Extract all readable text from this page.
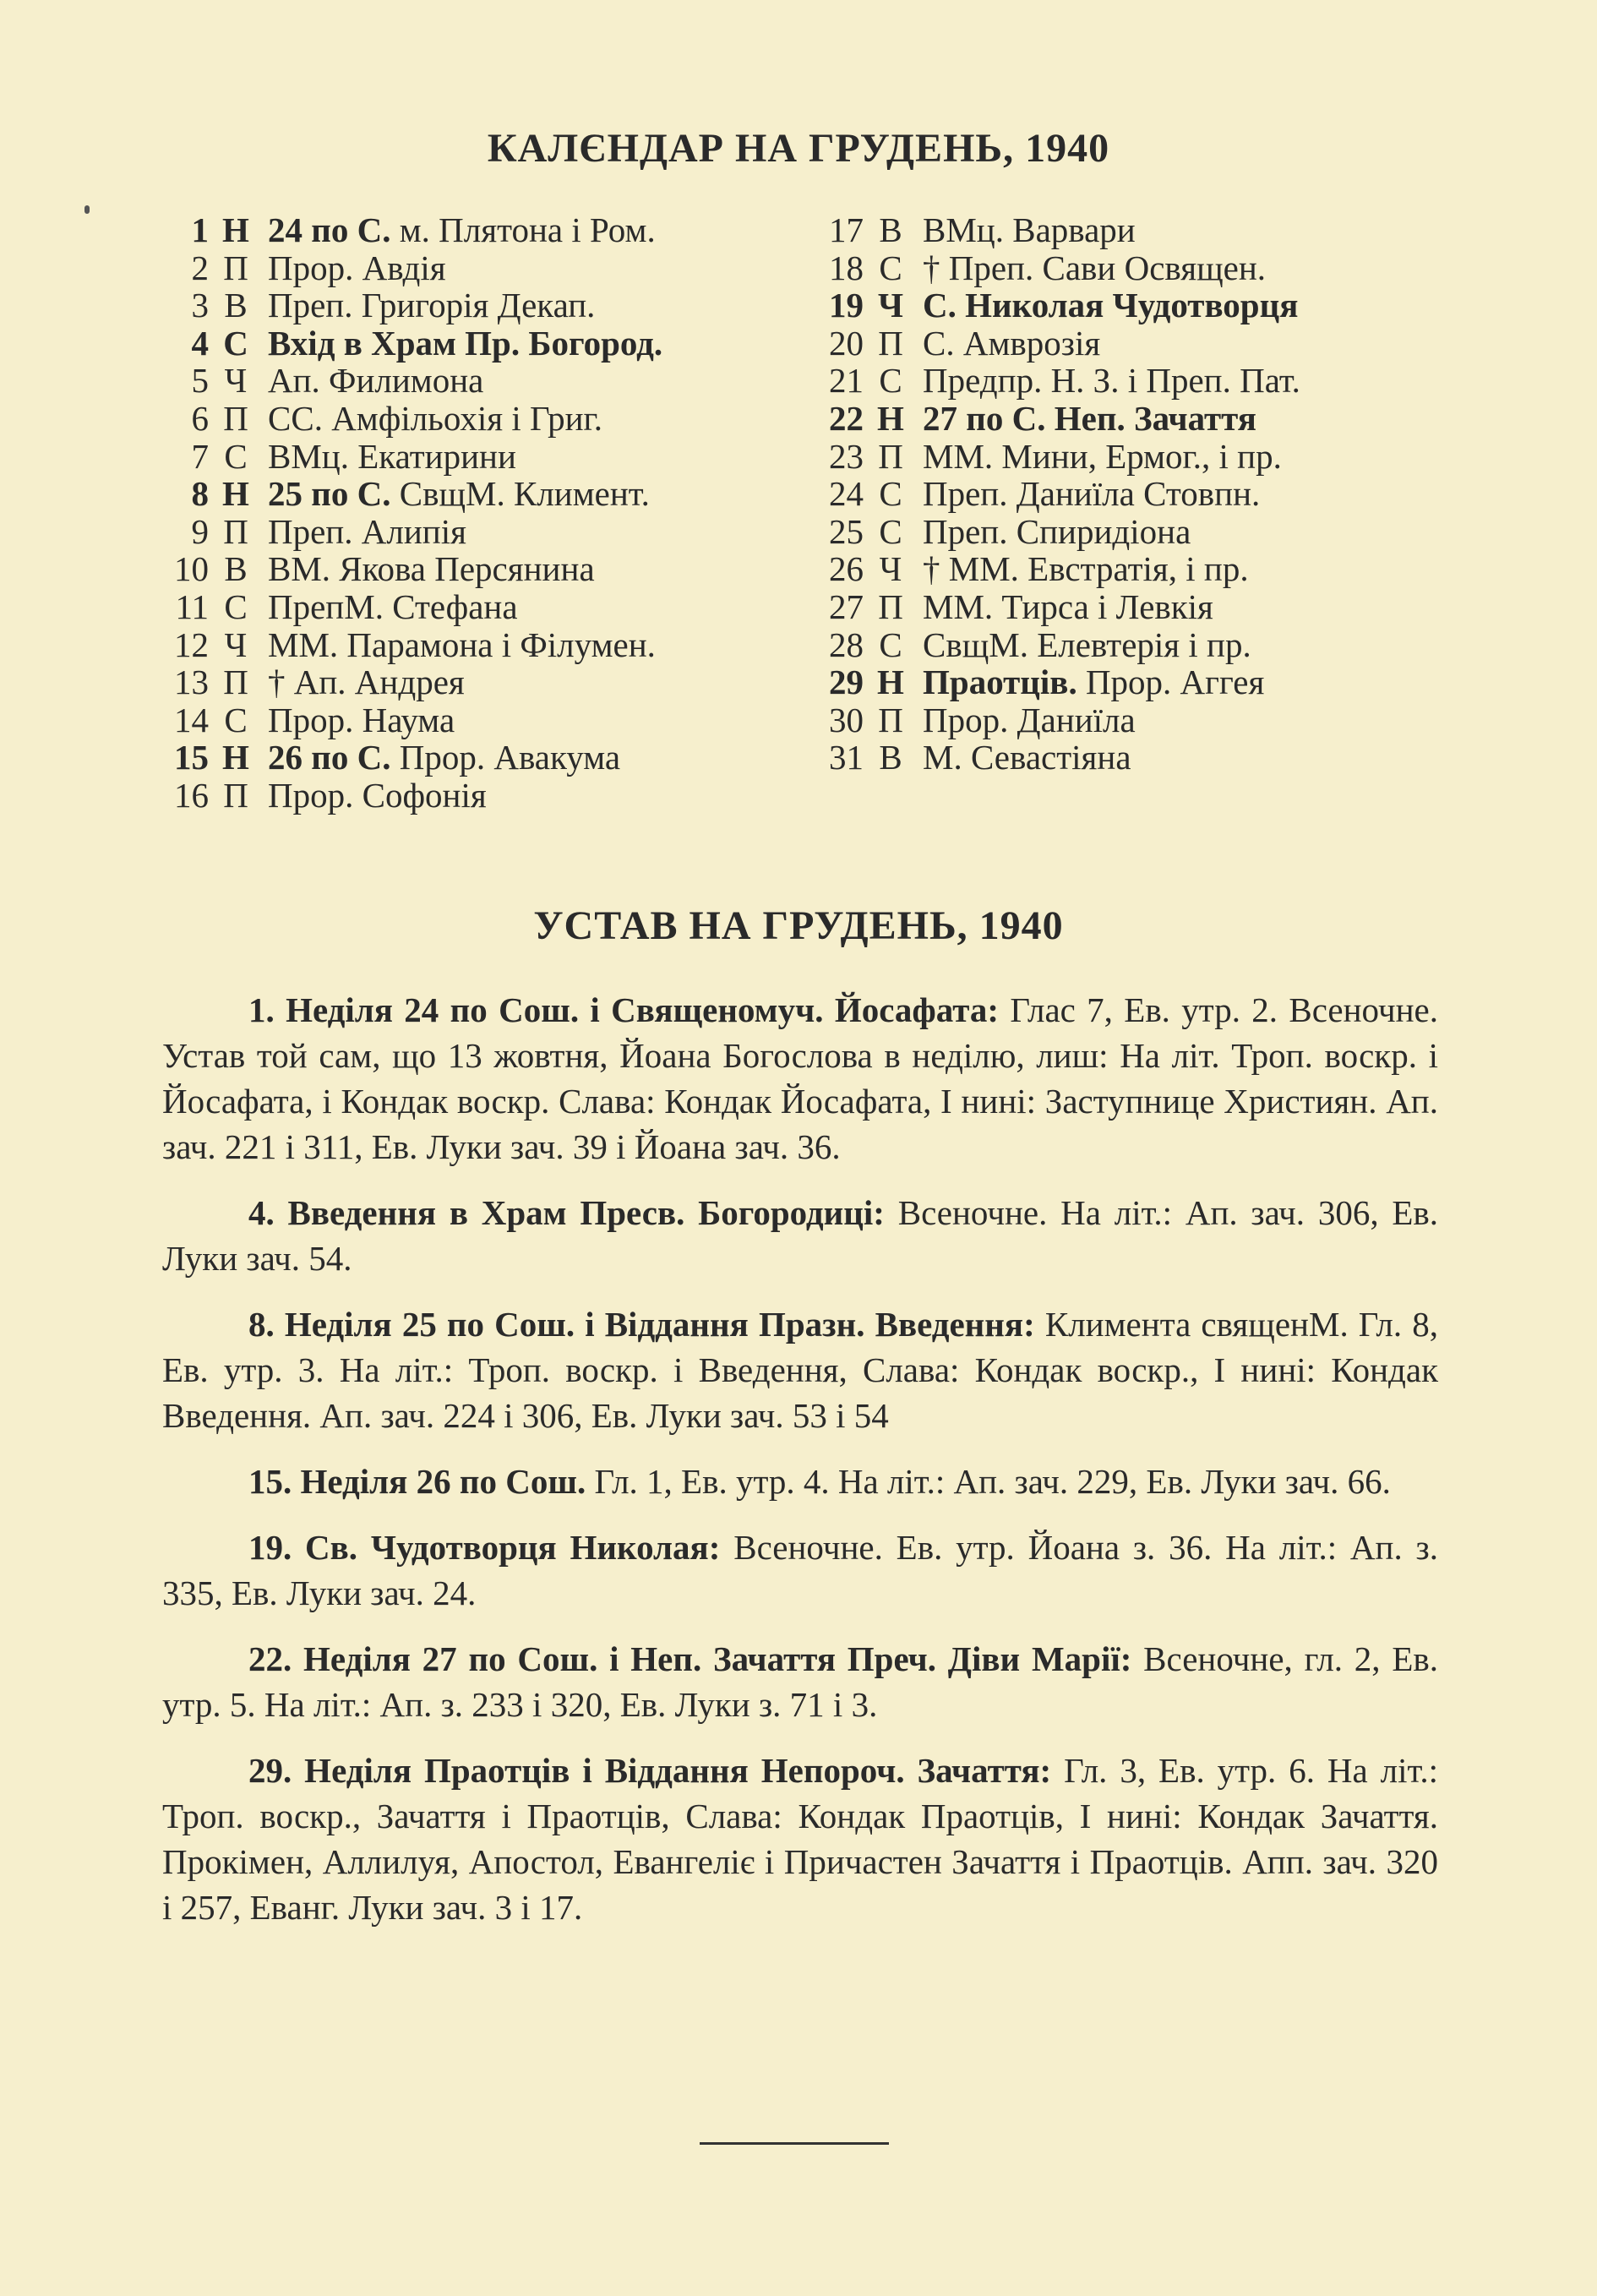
КАЛЄНДАР НА ГРУДЕНЬ, 1940
1 Н 24 по С. м. Плятона і Ром.
2 П Прор. Авдія
3 В Преп. Григорія Декап.
4 С Вхід в Храм Пр. Богород.
5 Ч Ап. Филимона
6 П СС. Амфільохія і Григ.
7 С ВМц. Екатирини
8 Н 25 по С. СвщМ. Климент.
9 П Преп. Алипія
10 В ВМ. Якова Персянина
11 С ПрепМ. Стефана
12 Ч ММ. Парамона і Філумен.
13 П † Ап. Андрея
14 С Прор. Наума
15 Н 26 по С. Прор. Авакума
16 П Прор. Софонія
17 В ВМц. Варвари
18 С † Преп. Сави Освящен.
19 Ч С. Николая Чудотворця
20 П С. Амврозія
21 С Предпр. Н. З. і Преп. Пат.
22 Н 27 по С. Неп. Зачаття
23 П ММ. Мини, Ермог., і пр.
24 С Преп. Даниїла Стовпн.
25 С Преп. Спиридіона
26 Ч † ММ. Евстратія, і пр.
27 П ММ. Тирса і Левкія
28 С СвщМ. Елевтерія і пр.
29 Н Праотців. Прор. Аггея
30 П Прор. Даниїла
31 В М. Севастіяна
УСТАВ НА ГРУДЕНЬ, 1940

1. Неділя 24 по Сош. і Священомуч. Йосафата: Глас 7, Ев. утр. 2. Всеночне. Устав той сам, що 13 жовтня, Йоана Богослова в неділю, лиш: На літ. Троп. воскр. і Йосафата, і Кондак воскр. Слава: Кондак Йосафата, І нині: Заступнице Християн. Ап. зач. 221 і 311, Ев. Луки зач. 39 і Йоана зач. 36.

4. Введення в Храм Пресв. Богородиці: Всеночне. На літ.: Ап. зач. 306, Ев. Луки зач. 54.

8. Неділя 25 по Сош. і Віддання Празн. Введення: Климента священМ. Гл. 8, Ев. утр. 3. На літ.: Троп. воскр. і Введення, Слава: Кондак воскр., І нині: Кондак Введення. Ап. зач. 224 і 306, Ев. Луки зач. 53 і 54

15. Неділя 26 по Сош. Гл. 1, Ев. утр. 4. На літ.: Ап. зач. 229, Ев. Луки зач. 66.

19. Св. Чудотворця Николая: Всеночне. Ев. утр. Йоана з. 36. На літ.: Ап. з. 335, Ев. Луки зач. 24.

22. Неділя 27 по Сош. і Неп. Зачаття Преч. Діви Марії: Всеночне, гл. 2, Ев. утр. 5. На літ.: Ап. з. 233 і 320, Ев. Луки з. 71 і 3.

29. Неділя Праотців і Віддання Непороч. Зачаття: Гл. 3, Ев. утр. 6. На літ.: Троп. воскр., Зачаття і Праотців, Слава: Кондак Праотців, І нині: Кондак Зачаття. Прокімен, Аллилуя, Апостол, Евангеліє і Причастен Зачаття і Праотців. Апп. зач. 320 і 257, Еванг. Луки зач. 3 і 17.
